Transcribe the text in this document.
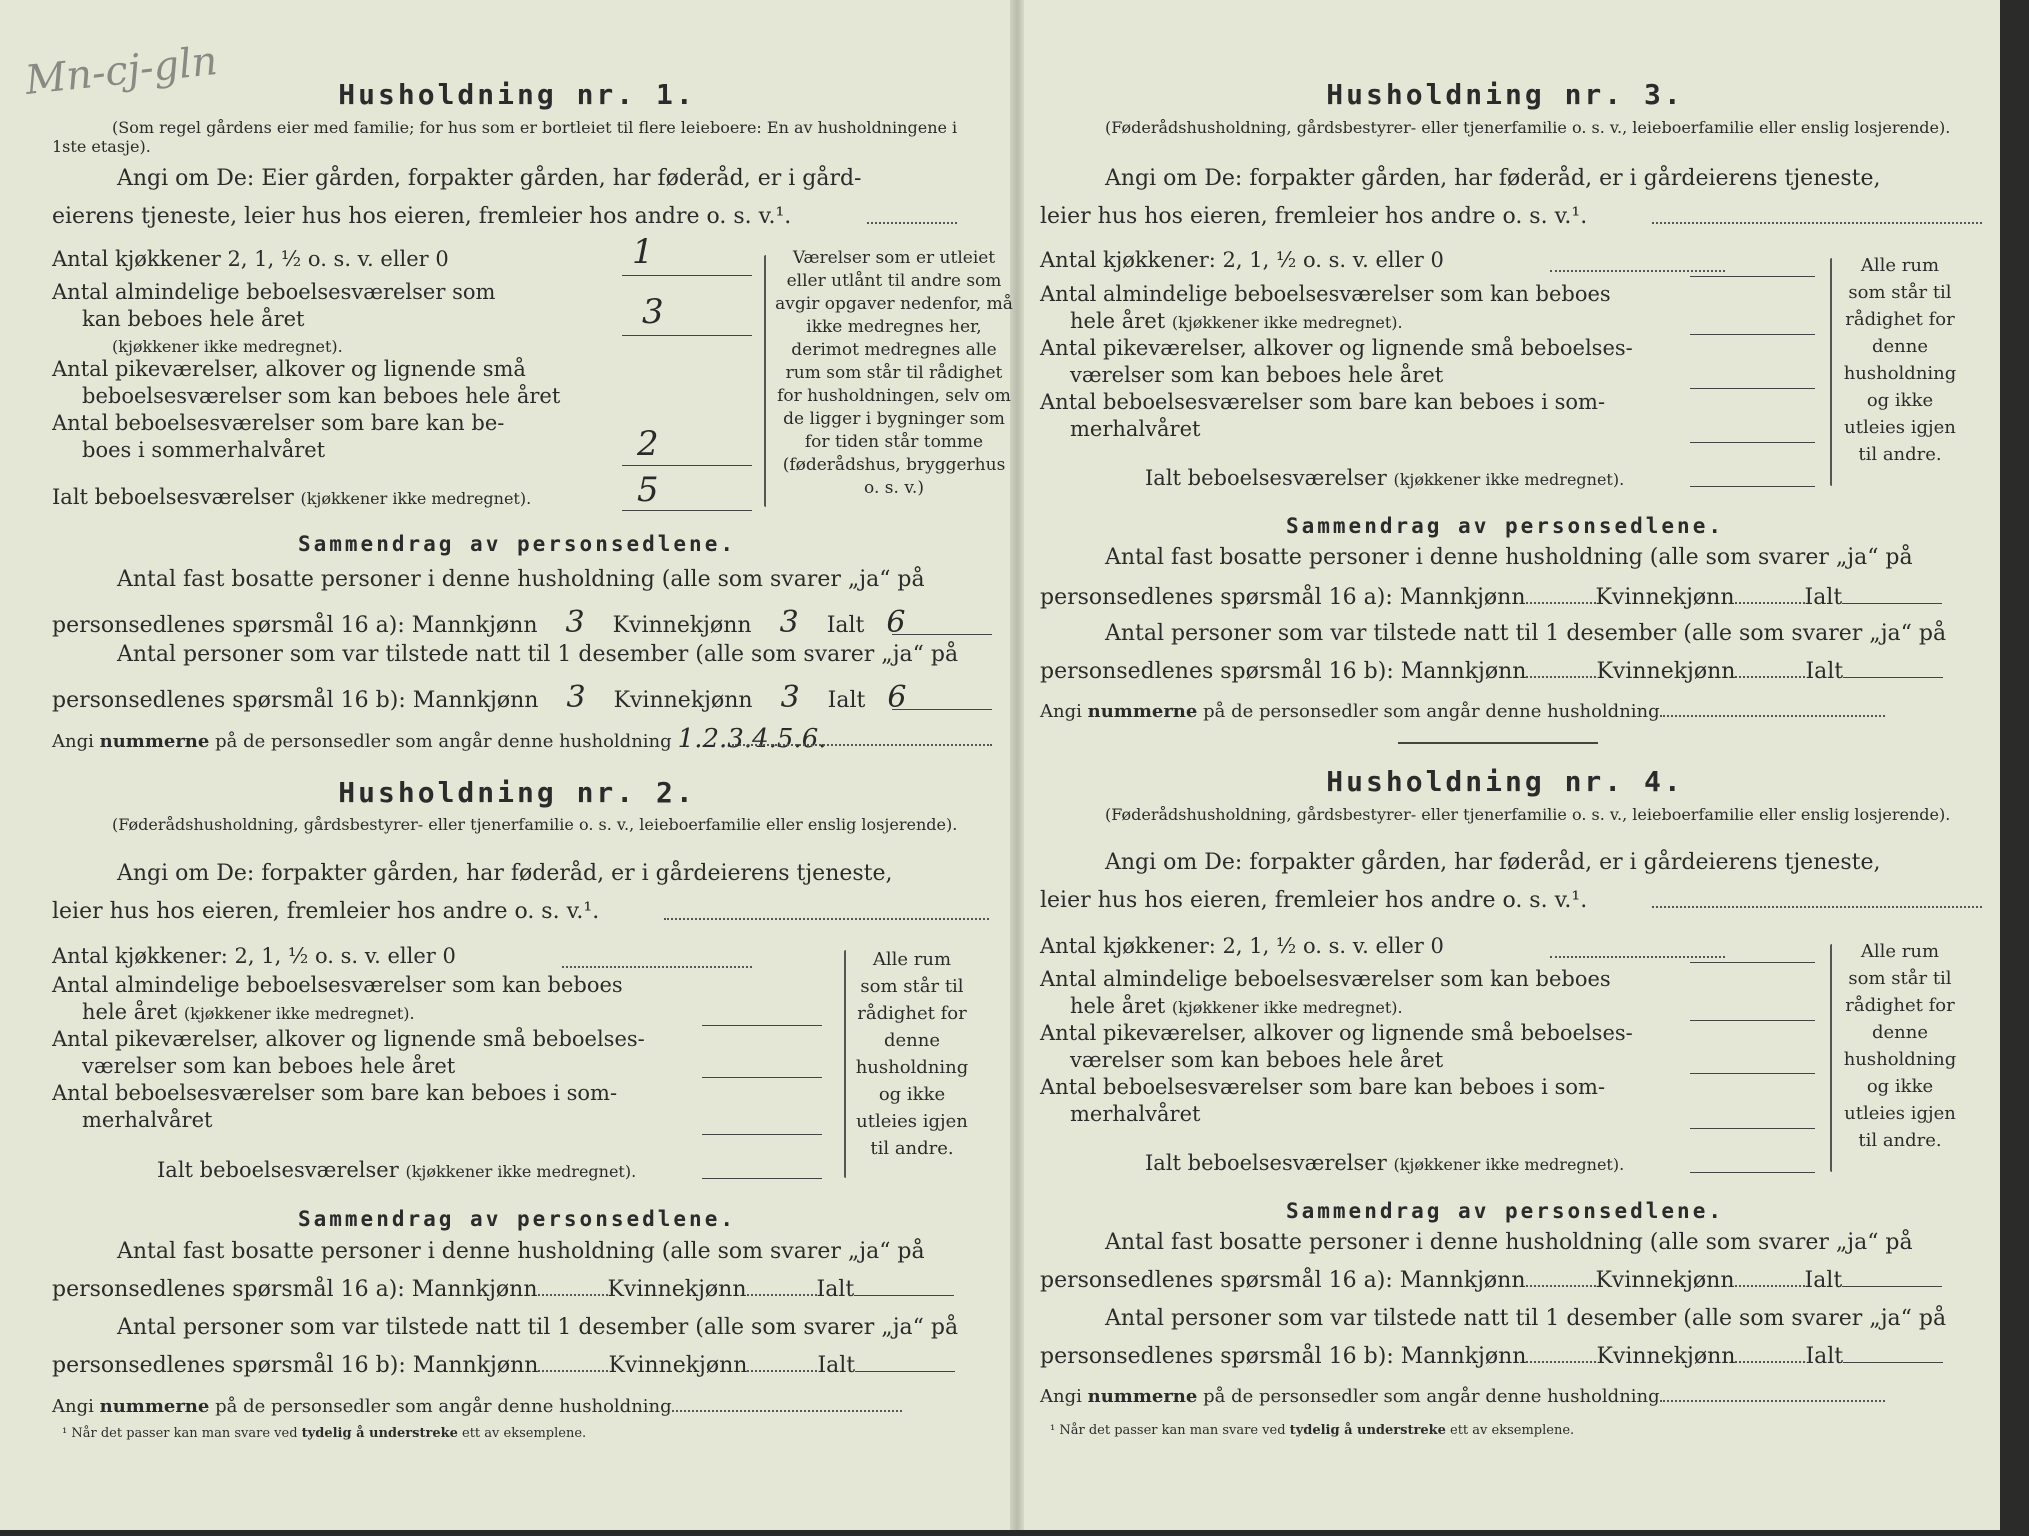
Mn-cj-gln	Husholdning nr. 1.
(Som regel gårdens eier med familie; for hus som er bortleiet til flere leieboere: En av husholdningene i 1ste etasje).
Angi om De: Eier gården, forpakter gården, har føderåd, er i gård-
eierens tjeneste, leier hus hos eieren, fremleier hos andre o. s. v.¹.
Antal kjøkkener 2, 1, ½ o. s. v. eller 0	1
Antal almindelige beboelsesværelser som
kan beboes hele året	3
(kjøkkener ikke medregnet).
Antal pikeværelser, alkover og lignende små
beboelsesværelser som kan beboes hele året
Antal beboelsesværelser som bare kan be-
boes i sommerhalvåret	2
Ialt beboelsesværelser (kjøkkener ikke medregnet).	5
Værelser som er utleiet eller utlånt til andre som avgir opgaver nedenfor, må ikke medregnes her, derimot medregnes alle rum som står til rådighet for husholdningen, selv om de ligger i bygninger som for tiden står tomme (føderådshus, bryggerhus o. s. v.)
Sammendrag av personsedlene.
Antal fast bosatte personer i denne husholdning (alle som svarer „ja“ på
personsedlenes spørsmål 16 a): Mannkjønn 3 Kvinnekjønn 3 Ialt 6
Antal personer som var tilstede natt til 1 desember (alle som svarer „ja“ på
personsedlenes spørsmål 16 b): Mannkjønn 3 Kvinnekjønn 3 Ialt 6
Angi nummerne på de personsedler som angår denne husholdning 1.2.3.4.5.6.
Husholdning nr. 2.
(Føderådshusholdning, gårdsbestyrer- eller tjenerfamilie o. s. v., leieboerfamilie eller enslig losjerende).
Angi om De: forpakter gården, har føderåd, er i gårdeierens tjeneste,
leier hus hos eieren, fremleier hos andre o. s. v.¹.
Antal kjøkkener: 2, 1, ½ o. s. v. eller 0
Antal almindelige beboelsesværelser som kan beboes
hele året (kjøkkener ikke medregnet).
Antal pikeværelser, alkover og lignende små beboelses-
værelser som kan beboes hele året
Antal beboelsesværelser som bare kan beboes i som-
merhalvåret
Ialt beboelsesværelser (kjøkkener ikke medregnet).
Alle rum som står til rådighet for denne husholdning og ikke utleies igjen til andre.
Sammendrag av personsedlene.
Antal fast bosatte personer i denne husholdning (alle som svarer „ja“ på
personsedlenes spørsmål 16 a): Mannkjønn	Kvinnekjønn	Ialt
Antal personer som var tilstede natt til 1 desember (alle som svarer „ja“ på
personsedlenes spørsmål 16 b): Mannkjønn	Kvinnekjønn	Ialt
Angi nummerne på de personsedler som angår denne husholdning
¹ Når det passer kan man svare ved tydelig å understreke ett av eksemplene.
Husholdning nr. 3.
(Føderådshusholdning, gårdsbestyrer- eller tjenerfamilie o. s. v., leieboerfamilie eller enslig losjerende).
Angi om De: forpakter gården, har føderåd, er i gårdeierens tjeneste,
leier hus hos eieren, fremleier hos andre o. s. v.¹.
Antal kjøkkener: 2, 1, ½ o. s. v. eller 0
Antal almindelige beboelsesværelser som kan beboes
hele året (kjøkkener ikke medregnet).
Antal pikeværelser, alkover og lignende små beboelses-
værelser som kan beboes hele året
Antal beboelsesværelser som bare kan beboes i som-
merhalvåret
Ialt beboelsesværelser (kjøkkener ikke medregnet).
Alle rum som står til rådighet for denne husholdning og ikke utleies igjen til andre.
Sammendrag av personsedlene.
Antal fast bosatte personer i denne husholdning (alle som svarer „ja“ på
personsedlenes spørsmål 16 a): Mannkjønn	Kvinnekjønn	Ialt
Antal personer som var tilstede natt til 1 desember (alle som svarer „ja“ på
personsedlenes spørsmål 16 b): Mannkjønn	Kvinnekjønn	Ialt
Angi nummerne på de personsedler som angår denne husholdning
Husholdning nr. 4.
(Føderådshusholdning, gårdsbestyrer- eller tjenerfamilie o. s. v., leieboerfamilie eller enslig losjerende).
Angi om De: forpakter gården, har føderåd, er i gårdeierens tjeneste,
leier hus hos eieren, fremleier hos andre o. s. v.¹.
Antal kjøkkener: 2, 1, ½ o. s. v. eller 0
Antal almindelige beboelsesværelser som kan beboes
hele året (kjøkkener ikke medregnet).
Antal pikeværelser, alkover og lignende små beboelses-
værelser som kan beboes hele året
Antal beboelsesværelser som bare kan beboes i som-
merhalvåret
Ialt beboelsesværelser (kjøkkener ikke medregnet).
Alle rum som står til rådighet for denne husholdning og ikke utleies igjen til andre.
Sammendrag av personsedlene.
Antal fast bosatte personer i denne husholdning (alle som svarer „ja“ på
personsedlenes spørsmål 16 a): Mannkjønn	Kvinnekjønn	Ialt
Antal personer som var tilstede natt til 1 desember (alle som svarer „ja“ på
personsedlenes spørsmål 16 b): Mannkjønn	Kvinnekjønn	Ialt
Angi nummerne på de personsedler som angår denne husholdning
¹ Når det passer kan man svare ved tydelig å understreke ett av eksemplene.
